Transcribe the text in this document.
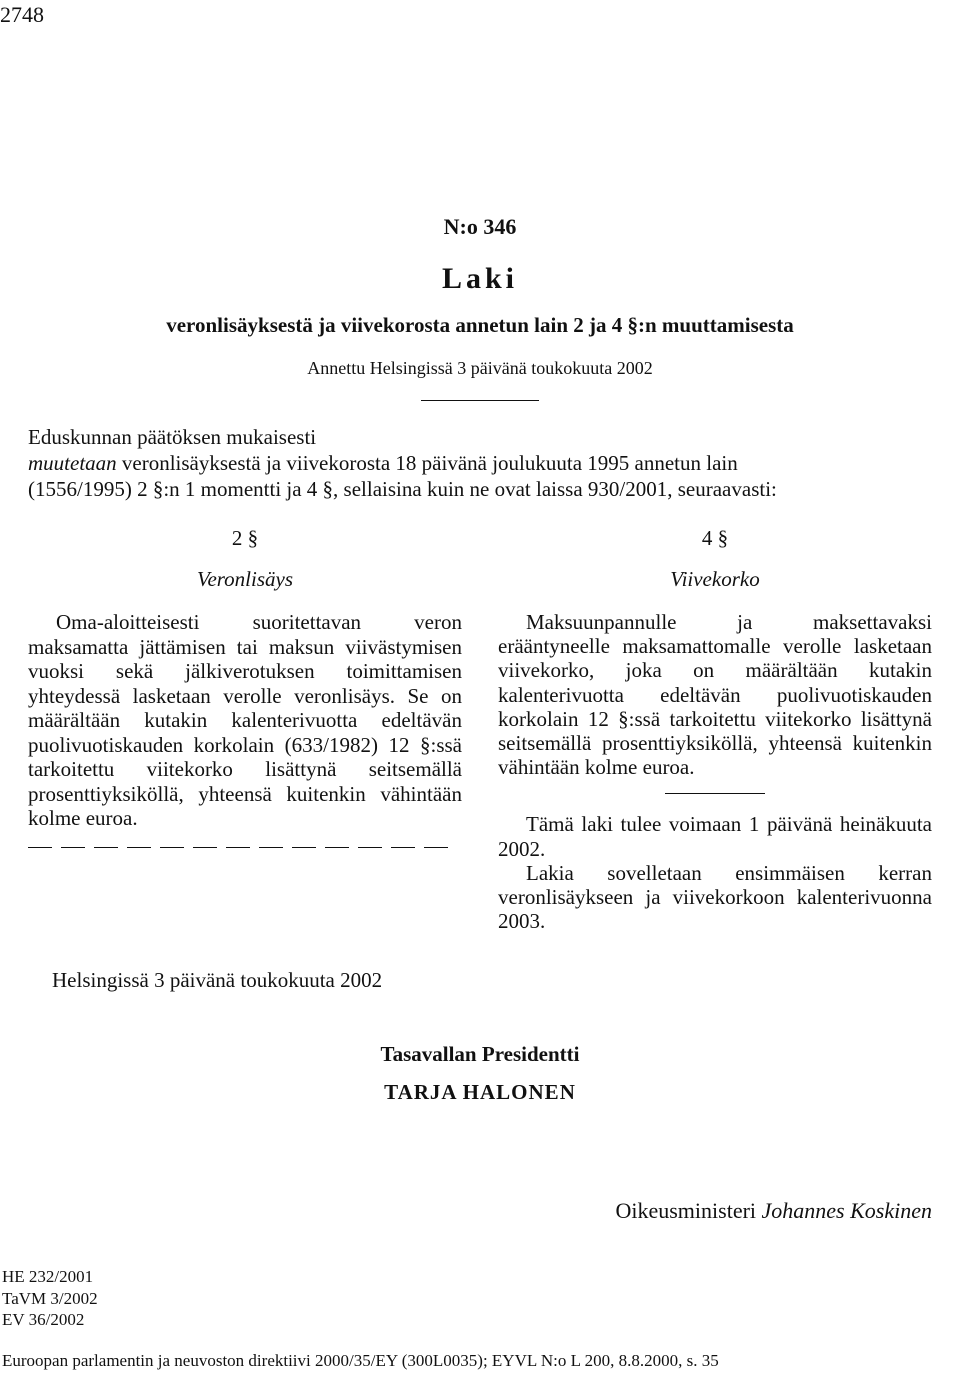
2748
N:o 346
Laki
veronlisäyksestä ja viivekorosta annetun lain 2 ja 4 §:n muuttamisesta
Annettu Helsingissä 3 päivänä toukokuuta 2002
Eduskunnan päätöksen mukaisesti
muutetaan veronlisäyksestä ja viivekorosta 18 päivänä joulukuuta 1995 annetun lain
(1556/1995) 2 §:n 1 momentti ja 4 §, sellaisina kuin ne ovat laissa 930/2001, seuraavasti:
2 §
Veronlisäys
Oma-aloitteisesti suoritettavan veron maksamatta jättämisen tai maksun viivästymisen vuoksi sekä jälkiverotuksen toimittamisen yhteydessä lasketaan verolle veronlisäys. Se on määrältään kutakin kalenterivuotta edeltävän puolivuotiskauden korkolain (633/1982) 12 §:ssä tarkoitettu viitekorko lisättynä seitsemällä prosenttiyksiköllä, yhteensä kuitenkin vähintään kolme euroa.
4 §
Viivekorko
Maksuunpannulle ja maksettavaksi erääntyneelle maksamattomalle verolle lasketaan viivekorko, joka on määrältään kutakin kalenterivuotta edeltävän puolivuotiskauden korkolain 12 §:ssä tarkoitettu viitekorko lisättynä seitsemällä prosenttiyksiköllä, yhteensä kuitenkin vähintään kolme euroa.
Tämä laki tulee voimaan 1 päivänä heinäkuuta 2002.
Lakia sovelletaan ensimmäisen kerran veronlisäykseen ja viivekorkoon kalenterivuonna 2003.
Helsingissä 3 päivänä toukokuuta 2002
Tasavallan Presidentti
TARJA HALONEN
Oikeusministeri Johannes Koskinen
HE 232/2001
TaVM 3/2002
EV 36/2002
Euroopan parlamentin ja neuvoston direktiivi 2000/35/EY (300L0035); EYVL N:o L 200, 8.8.2000, s. 35
